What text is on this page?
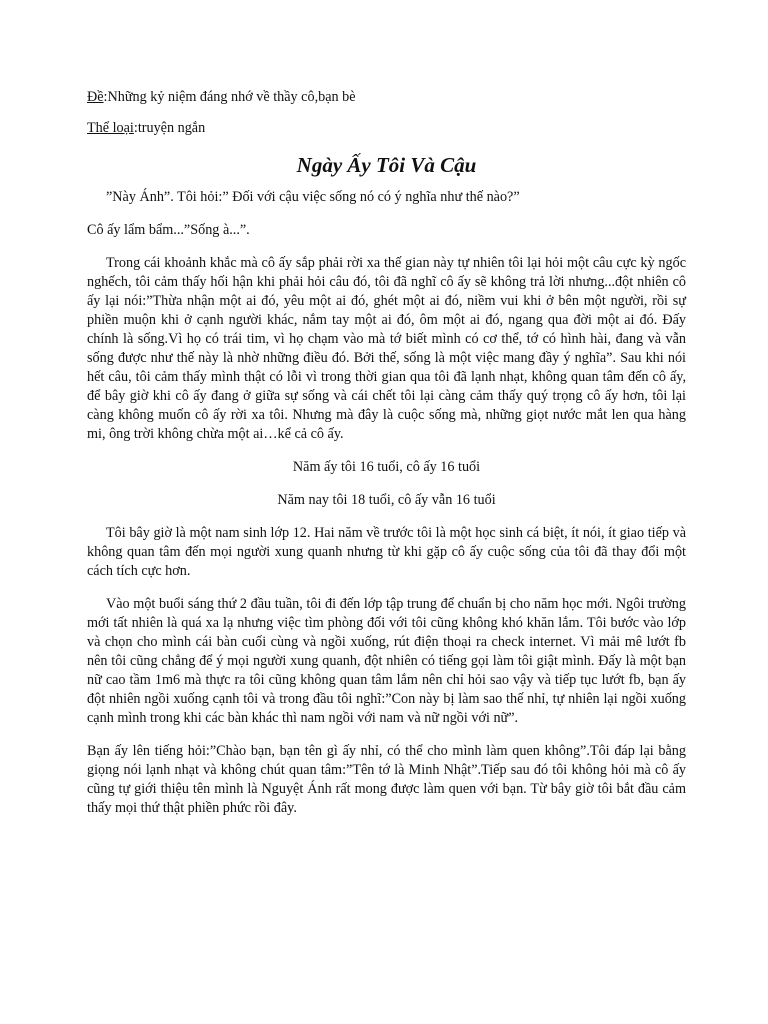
Đề:Những kỷ niệm đáng nhớ về thầy cô,bạn bè
Thể loại:truyện ngắn
Ngày Ấy Tôi Và Cậu

”Này Ánh”. Tôi hỏi:” Đối với cậu việc sống nó có ý nghĩa như thế nào?”

Cô ấy lẩm bẩm...”Sống à...”.

Trong cái khoảnh khắc mà cô ấy sắp phải rời xa thế gian này tự nhiên tôi lại hỏi một câu cực kỳ ngốc nghếch, tôi cảm thấy hối hận khi phải hỏi câu đó, tôi đã nghĩ cô ấy sẽ không trả lời nhưng...đột nhiên cô ấy lại nói:”Thừa nhận một ai đó, yêu một ai đó, ghét một ai đó, niềm vui khi ở bên một người, rồi sự phiền muộn khi ở cạnh người khác, nắm tay một ai đó, ôm một ai đó, ngang qua đời một ai đó. Đấy chính là sống.Vì họ có trái tim, vì họ chạm vào mà tớ biết mình có cơ thể, tớ có hình hài, đang và vẫn sống được như thế này là nhờ những điều đó. Bởi thế, sống là một việc mang đầy ý nghĩa”. Sau khi nói hết câu, tôi cảm thấy mình thật có lỗi vì trong thời gian qua tôi đã lạnh nhạt, không quan tâm đến cô ấy, để bây giờ khi cô ấy đang ở giữa sự sống và cái chết tôi lại càng cảm thấy quý trọng cô ấy hơn, tôi lại càng không muốn cô ấy rời xa tôi. Nhưng mà đây là cuộc sống mà, những giọt nước mắt len qua hàng mi, ông trời không chừa một ai…kể cả cô ấy.

Năm ấy tôi 16 tuổi, cô ấy 16 tuổi

Năm nay tôi 18 tuổi, cô ấy vẫn 16 tuổi

Tôi bây giờ là một nam sinh lớp 12. Hai năm về trước tôi là một học sinh cá biệt, ít nói, ít giao tiếp và không quan tâm đến mọi người xung quanh nhưng từ khi gặp cô ấy cuộc sống của tôi đã thay đổi một cách tích cực hơn.

Vào một buổi sáng thứ 2 đầu tuần, tôi đi đến lớp tập trung để chuẩn bị cho năm học mới. Ngôi trường mới tất nhiên là quá xa lạ nhưng việc tìm phòng đối với tôi cũng không khó khăn lắm. Tôi bước vào lớp và chọn cho mình cái bàn cuối cùng và ngồi xuống, rút điện thoại ra check internet. Vì mải mê lướt fb nên tôi cũng chẳng để ý mọi người xung quanh, đột nhiên có tiếng gọi làm tôi giật mình. Đấy là một bạn nữ cao tầm 1m6 mà thực ra tôi cũng không quan tâm lắm nên chỉ hỏi sao vậy và tiếp tục lướt fb, bạn ấy đột nhiên ngồi xuống cạnh tôi và trong đầu tôi nghĩ:”Con này bị làm sao thế nhỉ, tự nhiên lại ngồi xuống cạnh mình trong khi các bàn khác thì nam ngồi với nam và nữ ngồi với nữ”.

Bạn ấy lên tiếng hỏi:”Chào bạn, bạn tên gì ấy nhỉ, có thể cho mình làm quen không”.Tôi đáp lại bằng giọng nói lạnh nhạt và không chút quan tâm:”Tên tớ là Minh Nhật”.Tiếp sau đó tôi không hỏi mà cô ấy cũng tự giới thiệu tên mình là Nguyệt Ánh rất mong được làm quen với bạn. Từ bây giờ tôi bắt đầu cảm thấy mọi thứ thật phiền phức rồi đây.
